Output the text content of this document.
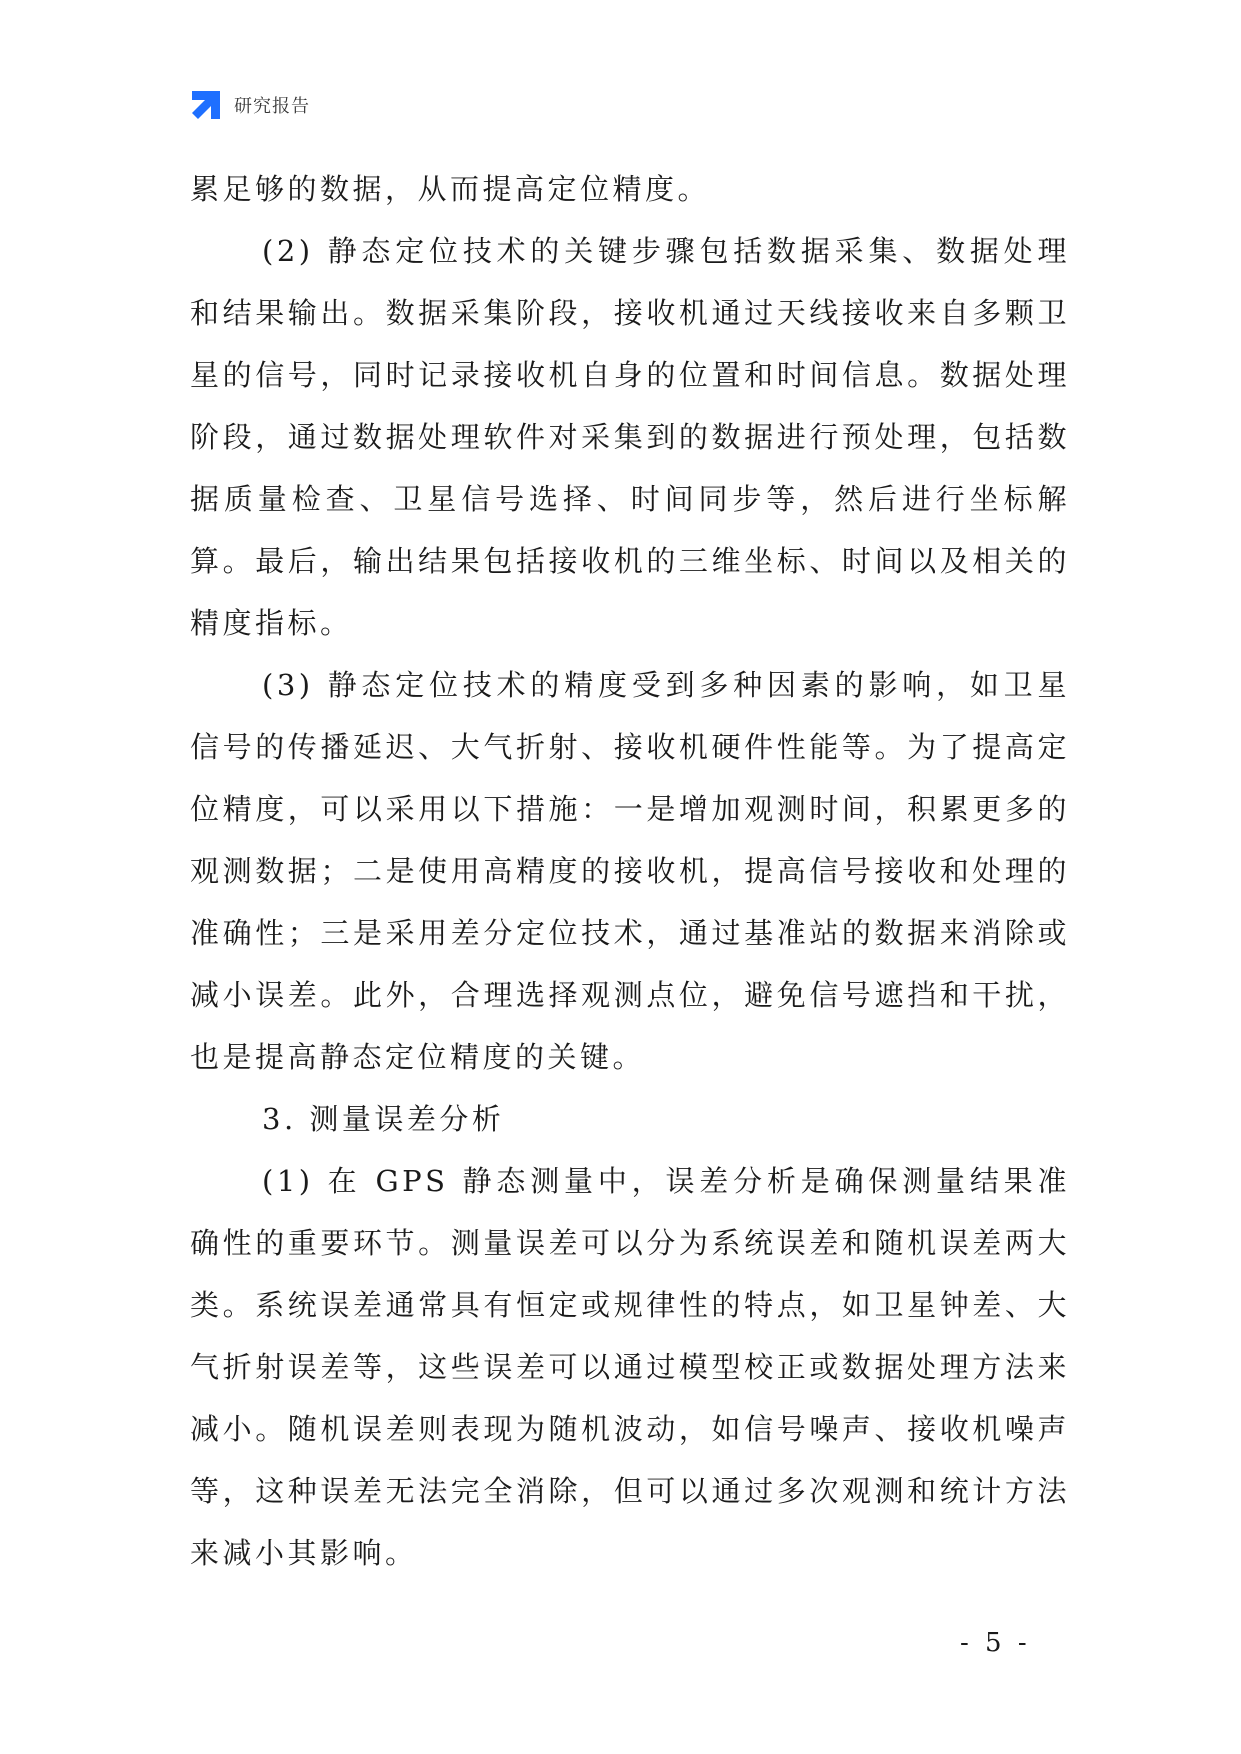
研究报告

累足够的数据，从而提高定位精度。

(2) 静态定位技术的关键步骤包括数据采集、数据处理和结果输出。数据采集阶段，接收机通过天线接收来自多颗卫星的信号，同时记录接收机自身的位置和时间信息。数据处理阶段，通过数据处理软件对采集到的数据进行预处理，包括数据质量检查、卫星信号选择、时间同步等，然后进行坐标解算。最后，输出结果包括接收机的三维坐标、时间以及相关的精度指标。

(3) 静态定位技术的精度受到多种因素的影响，如卫星信号的传播延迟、大气折射、接收机硬件性能等。为了提高定位精度，可以采用以下措施：一是增加观测时间，积累更多的观测数据；二是使用高精度的接收机，提高信号接收和处理的准确性；三是采用差分定位技术，通过基准站的数据来消除或减小误差。此外，合理选择观测点位，避免信号遮挡和干扰，也是提高静态定位精度的关键。

3. 测量误差分析

(1) 在 GPS 静态测量中，误差分析是确保测量结果准确性的重要环节。测量误差可以分为系统误差和随机误差两大类。系统误差通常具有恒定或规律性的特点，如卫星钟差、大气折射误差等，这些误差可以通过模型校正或数据处理方法来减小。随机误差则表现为随机波动，如信号噪声、接收机噪声等，这种误差无法完全消除，但可以通过多次观测和统计方法来减小其影响。

- 5 -
